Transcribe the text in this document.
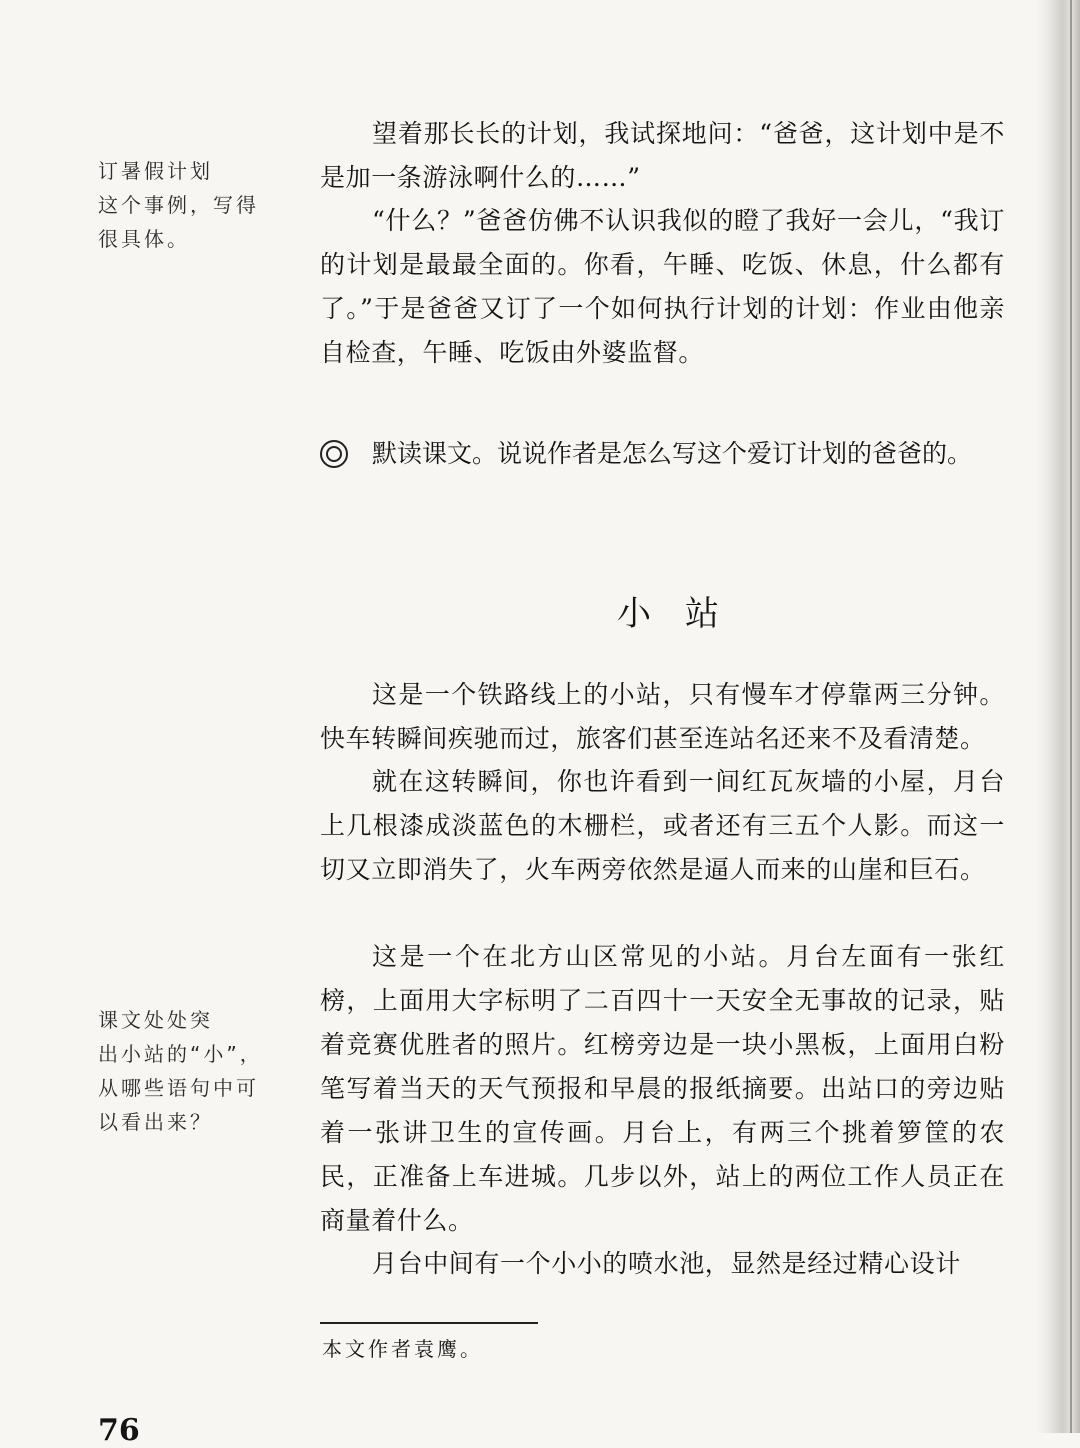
订暑假计划

这个事例，写得

很具体。

望着那长长的计划，我试探地问：“爸爸，这计划中是不是加一条游泳啊什么的……”

“什么？”爸爸仿佛不认识我似的瞪了我好一会儿，“我订的计划是最最全面的。你看，午睡、吃饭、休息，什么都有了。”于是爸爸又订了一个如何执行计划的计划：作业由他亲自检查，午睡、吃饭由外婆监督。

默读课文。说说作者是怎么写这个爱订计划的爸爸的。
小站

这是一个铁路线上的小站，只有慢车才停靠两三分钟。快车转瞬间疾驰而过，旅客们甚至连站名还来不及看清楚。

就在这转瞬间，你也许看到一间红瓦灰墙的小屋，月台上几根漆成淡蓝色的木栅栏，或者还有三五个人影。而这一切又立即消失了，火车两旁依然是逼人而来的山崖和巨石。

这是一个在北方山区常见的小站。月台左面有一张红榜，上面用大字标明了二百四十一天安全无事故的记录，贴着竞赛优胜者的照片。红榜旁边是一块小黑板，上面用白粉笔写着当天的天气预报和早晨的报纸摘要。出站口的旁边贴着一张讲卫生的宣传画。月台上，有两三个挑着箩筐的农民，正准备上车进城。几步以外，站上的两位工作人员正在商量着什么。

月台中间有一个小小的喷水池，显然是经过精心设计

课文处处突

出小站的“小”，

从哪些语句中可

以看出来？

本文作者袁鹰。
76
